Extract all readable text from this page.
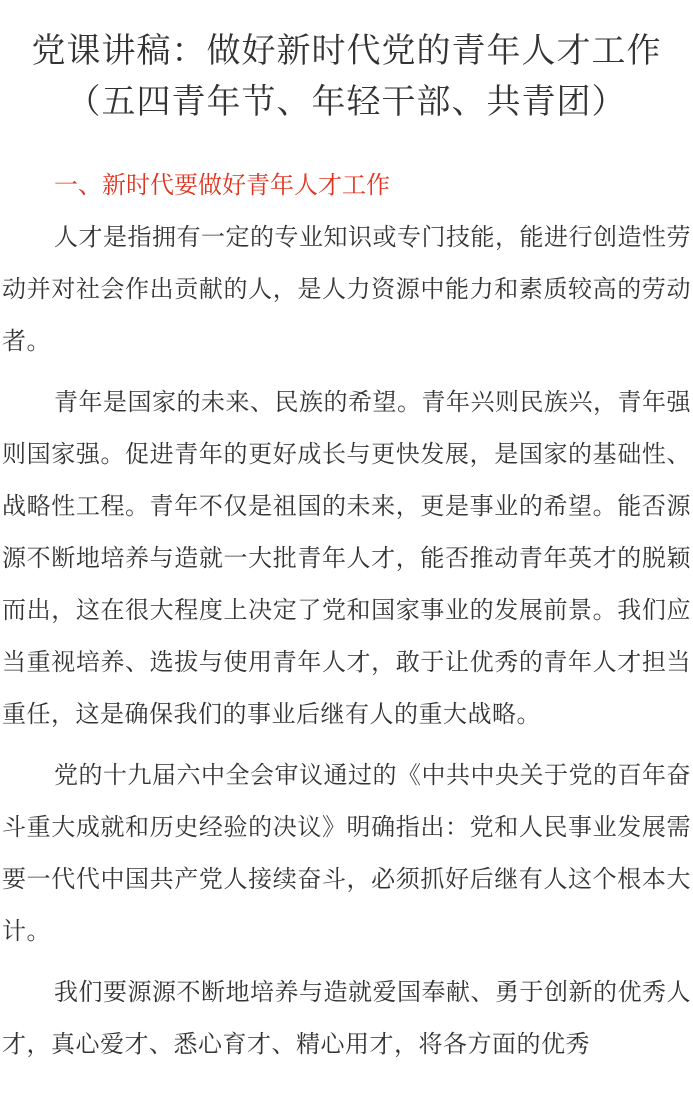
党课讲稿：做好新时代党的青年人才工作
（五四青年节、年轻干部、共青团）
一、新时代要做好青年人才工作

人才是指拥有一定的专业知识或专门技能，能进行创造性劳动并对社会作出贡献的人，是人力资源中能力和素质较高的劳动者。

青年是国家的未来、民族的希望。青年兴则民族兴，青年强则国家强。促进青年的更好成长与更快发展，是国家的基础性、战略性工程。青年不仅是祖国的未来，更是事业的希望。能否源源不断地培养与造就一大批青年人才，能否推动青年英才的脱颖而出，这在很大程度上决定了党和国家事业的发展前景。我们应当重视培养、选拔与使用青年人才，敢于让优秀的青年人才担当重任，这是确保我们的事业后继有人的重大战略。

党的十九届六中全会审议通过的《中共中央关于党的百年奋斗重大成就和历史经验的决议》明确指出：党和人民事业发展需要一代代中国共产党人接续奋斗，必须抓好后继有人这个根本大计。

我们要源源不断地培养与造就爱国奉献、勇于创新的优秀人才，真心爱才、悉心育才、精心用才，将各方面的优秀
